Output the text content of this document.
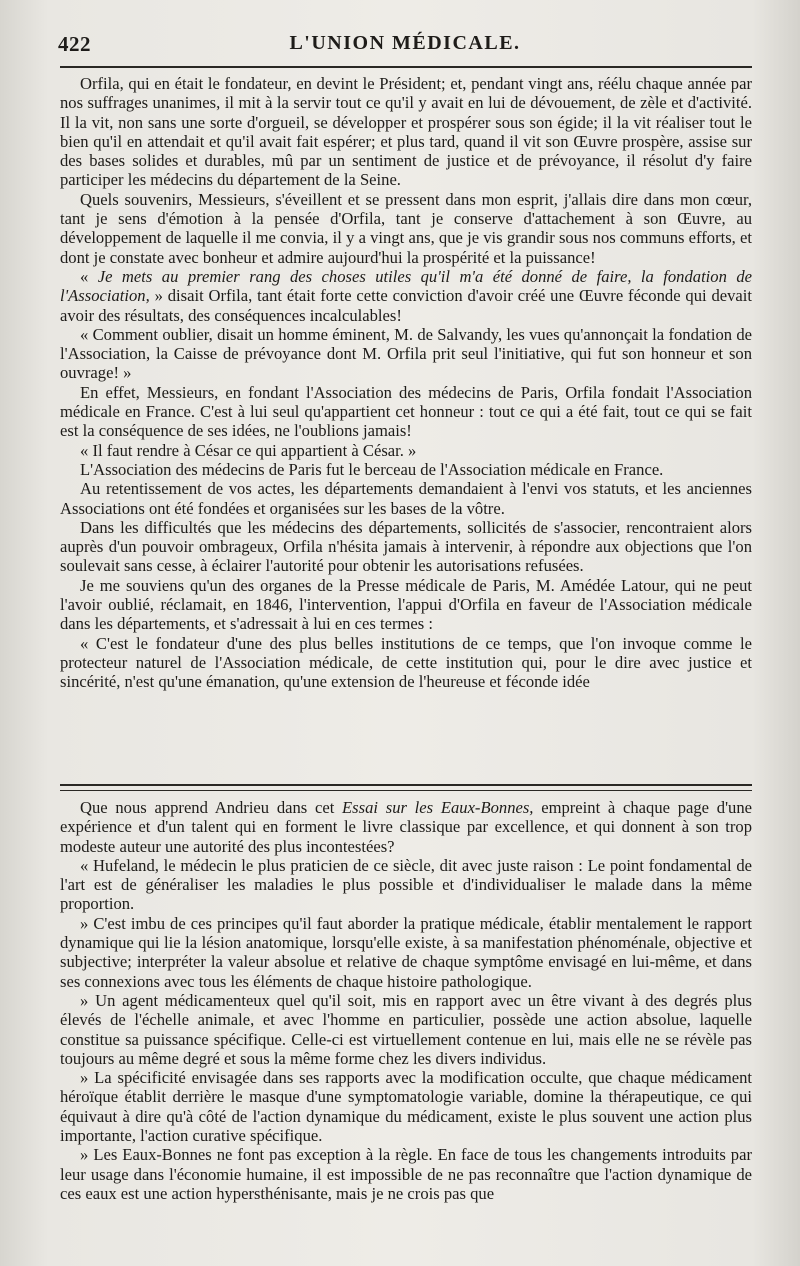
422	L'UNION MÉDICALE.

Orfila, qui en était le fondateur, en devint le Président; et, pendant vingt ans, réélu chaque année par nos suffrages unanimes, il mit à la servir tout ce qu'il y avait en lui de dévouement, de zèle et d'activité. Il la vit, non sans une sorte d'orgueil, se développer et prospérer sous son égide; il la vit réaliser tout le bien qu'il en attendait et qu'il avait fait espérer; et plus tard, quand il vit son Œuvre prospère, assise sur des bases solides et durables, mû par un sentiment de justice et de prévoyance, il résolut d'y faire participer les médecins du département de la Seine.

Quels souvenirs, Messieurs, s'éveillent et se pressent dans mon esprit, j'allais dire dans mon cœur, tant je sens d'émotion à la pensée d'Orfila, tant je conserve d'attachement à son Œuvre, au développement de laquelle il me convia, il y a vingt ans, que je vis grandir sous nos communs efforts, et dont je constate avec bonheur et admire aujourd'hui la prospérité et la puissance!

« Je mets au premier rang des choses utiles qu'il m'a été donné de faire, la fondation de l'Association, » disait Orfila, tant était forte cette conviction d'avoir créé une Œuvre féconde qui devait avoir des résultats, des conséquences incalculables!

« Comment oublier, disait un homme éminent, M. de Salvandy, les vues qu'annonçait la fondation de l'Association, la Caisse de prévoyance dont M. Orfila prit seul l'initiative, qui fut son honneur et son ouvrage! »

En effet, Messieurs, en fondant l'Association des médecins de Paris, Orfila fondait l'Association médicale en France. C'est à lui seul qu'appartient cet honneur : tout ce qui a été fait, tout ce qui se fait est la conséquence de ses idées, ne l'oublions jamais!

« Il faut rendre à César ce qui appartient à César. »

L'Association des médecins de Paris fut le berceau de l'Association médicale en France.

Au retentissement de vos actes, les départements demandaient à l'envi vos statuts, et les anciennes Associations ont été fondées et organisées sur les bases de la vôtre.

Dans les difficultés que les médecins des départements, sollicités de s'associer, rencontraient alors auprès d'un pouvoir ombrageux, Orfila n'hésita jamais à intervenir, à répondre aux objections que l'on soulevait sans cesse, à éclairer l'autorité pour obtenir les autorisations refusées.

Je me souviens qu'un des organes de la Presse médicale de Paris, M. Amédée Latour, qui ne peut l'avoir oublié, réclamait, en 1846, l'intervention, l'appui d'Orfila en faveur de l'Association médicale dans les départements, et s'adressait à lui en ces termes :

« C'est le fondateur d'une des plus belles institutions de ce temps, que l'on invoque comme le protecteur naturel de l'Association médicale, de cette institution qui, pour le dire avec justice et sincérité, n'est qu'une émanation, qu'une extension de l'heureuse et féconde idée

Que nous apprend Andrieu dans cet Essai sur les Eaux-Bonnes, empreint à chaque page d'une expérience et d'un talent qui en forment le livre classique par excellence, et qui donnent à son trop modeste auteur une autorité des plus incontestées?

« Hufeland, le médecin le plus praticien de ce siècle, dit avec juste raison : Le point fondamental de l'art est de généraliser les maladies le plus possible et d'individualiser le malade dans la même proportion.

» C'est imbu de ces principes qu'il faut aborder la pratique médicale, établir mentalement le rapport dynamique qui lie la lésion anatomique, lorsqu'elle existe, à sa manifestation phénoménale, objective et subjective; interpréter la valeur absolue et relative de chaque symptôme envisagé en lui-même, et dans ses connexions avec tous les éléments de chaque histoire pathologique.

» Un agent médicamenteux quel qu'il soit, mis en rapport avec un être vivant à des degrés plus élevés de l'échelle animale, et avec l'homme en particulier, possède une action absolue, laquelle constitue sa puissance spécifique. Celle-ci est virtuellement contenue en lui, mais elle ne se révèle pas toujours au même degré et sous la même forme chez les divers individus.

» La spécificité envisagée dans ses rapports avec la modification occulte, que chaque médicament héroïque établit derrière le masque d'une symptomatologie variable, domine la thérapeutique, ce qui équivaut à dire qu'à côté de l'action dynamique du médicament, existe le plus souvent une action plus importante, l'action curative spécifique.

» Les Eaux-Bonnes ne font pas exception à la règle. En face de tous les changements introduits par leur usage dans l'économie humaine, il est impossible de ne pas reconnaître que l'action dynamique de ces eaux est une action hypersthénisante, mais je ne crois pas que
